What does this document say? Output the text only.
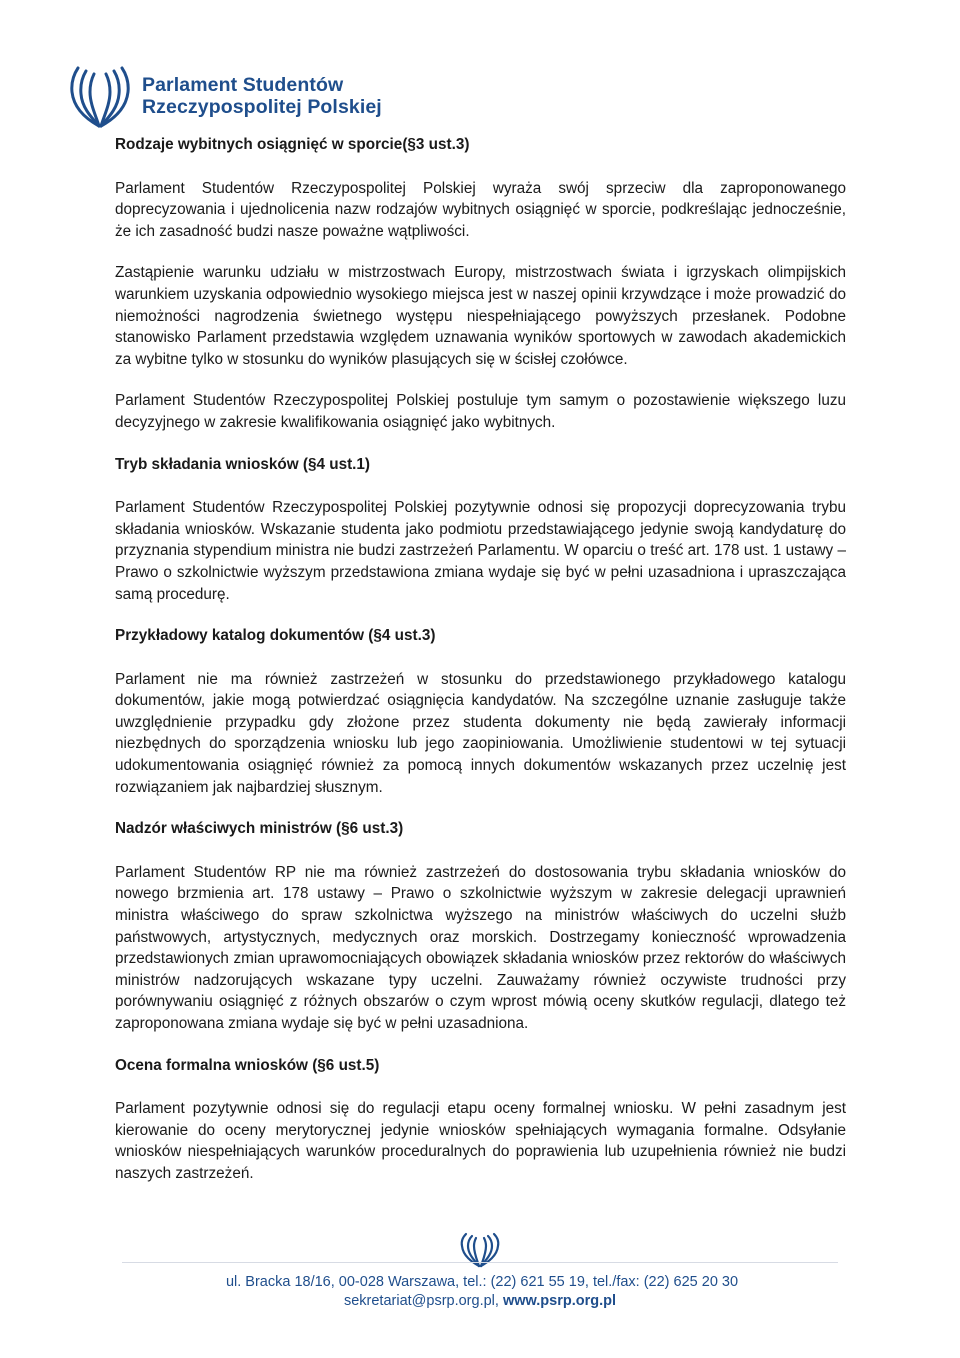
Parlament Studentów
Rzeczypospolitej Polskiej

Rodzaje wybitnych osiągnięć w sporcie(§3 ust.3)

Parlament Studentów Rzeczypospolitej Polskiej wyraża swój sprzeciw dla zaproponowanego doprecyzowania i ujednolicenia nazw rodzajów wybitnych osiągnięć w sporcie, podkreślając jednocześnie, że ich zasadność budzi nasze poważne wątpliwości.

Zastąpienie warunku udziału w mistrzostwach Europy, mistrzostwach świata i igrzyskach olimpijskich warunkiem uzyskania odpowiednio wysokiego miejsca jest w naszej opinii krzywdzące i może prowadzić do niemożności nagrodzenia świetnego występu niespełniającego powyższych przesłanek. Podobne stanowisko Parlament przedstawia względem uznawania wyników sportowych w zawodach akademickich za wybitne tylko w stosunku do wyników plasujących się w ścisłej czołówce.

Parlament Studentów Rzeczypospolitej Polskiej postuluje tym samym o pozostawienie większego luzu decyzyjnego w zakresie kwalifikowania osiągnięć jako wybitnych.

Tryb składania wniosków (§4 ust.1)

Parlament Studentów Rzeczypospolitej Polskiej pozytywnie odnosi się propozycji doprecyzowania trybu składania wniosków. Wskazanie studenta jako podmiotu przedstawiającego jedynie swoją kandydaturę do przyznania stypendium ministra nie budzi zastrzeżeń Parlamentu. W oparciu o treść art. 178 ust. 1 ustawy – Prawo o szkolnictwie wyższym przedstawiona zmiana wydaje się być w pełni uzasadniona i upraszczająca samą procedurę.

Przykładowy katalog dokumentów (§4 ust.3)

Parlament nie ma również zastrzeżeń w stosunku do przedstawionego przykładowego katalogu dokumentów, jakie mogą potwierdzać osiągnięcia kandydatów. Na szczególne uznanie zasługuje także uwzględnienie przypadku gdy złożone przez studenta dokumenty nie będą zawierały informacji niezbędnych do sporządzenia wniosku lub jego zaopiniowania. Umożliwienie studentowi w tej sytuacji udokumentowania osiągnięć również za pomocą innych dokumentów wskazanych przez uczelnię jest rozwiązaniem jak najbardziej słusznym.

Nadzór właściwych ministrów (§6 ust.3)

Parlament Studentów RP nie ma również zastrzeżeń do dostosowania trybu składania wniosków do nowego brzmienia art. 178 ustawy – Prawo o szkolnictwie wyższym w zakresie delegacji uprawnień ministra właściwego do spraw szkolnictwa wyższego na ministrów właściwych do uczelni służb państwowych, artystycznych, medycznych oraz morskich. Dostrzegamy konieczność wprowadzenia przedstawionych zmian uprawomocniających obowiązek składania wniosków przez rektorów do właściwych ministrów nadzorujących wskazane typy uczelni. Zauważamy również oczywiste trudności przy porównywaniu osiągnięć z różnych obszarów o czym wprost mówią oceny skutków regulacji, dlatego też zaproponowana zmiana wydaje się być w pełni uzasadniona.

Ocena formalna wniosków (§6 ust.5)

Parlament pozytywnie odnosi się do regulacji etapu oceny formalnej wniosku. W pełni zasadnym jest kierowanie do oceny merytorycznej jedynie wniosków spełniających wymagania formalne. Odsyłanie wniosków niespełniających warunków proceduralnych do poprawienia lub uzupełnienia również nie budzi naszych zastrzeżeń.

ul. Bracka 18/16, 00-028 Warszawa, tel.: (22) 621 55 19, tel./fax: (22) 625 20 30
sekretariat@psrp.org.pl, www.psrp.org.pl
